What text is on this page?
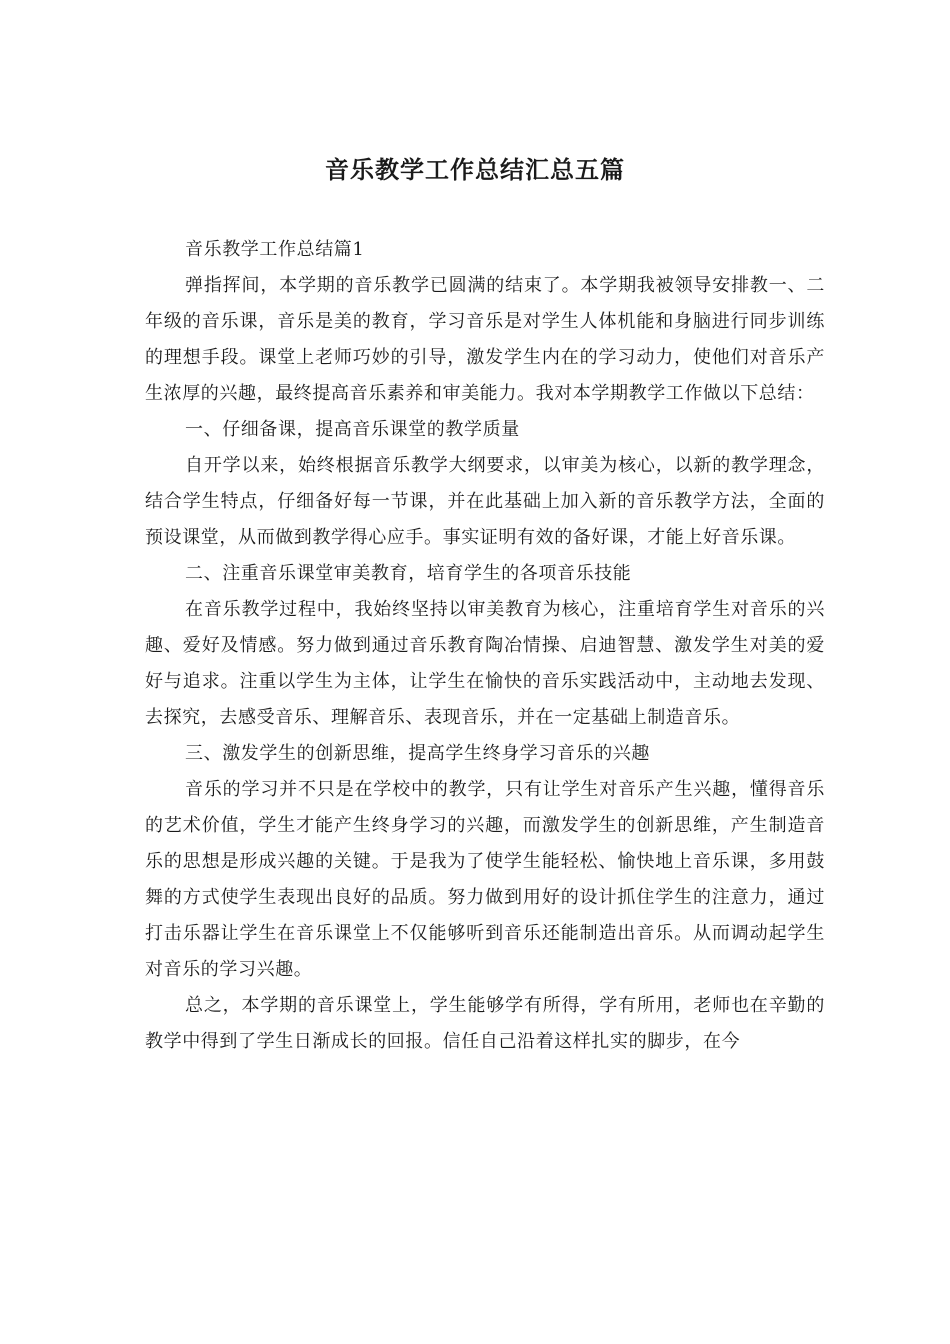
音乐教学工作总结汇总五篇

音乐教学工作总结篇1

弹指挥间，本学期的音乐教学已圆满的结束了。本学期我被领导安排教一、二年级的音乐课，音乐是美的教育，学习音乐是对学生人体机能和身脑进行同步训练的理想手段。课堂上老师巧妙的引导，激发学生内在的学习动力，使他们对音乐产生浓厚的兴趣，最终提高音乐素养和审美能力。我对本学期教学工作做以下总结：

一、仔细备课，提高音乐课堂的教学质量

自开学以来，始终根据音乐教学大纲要求，以审美为核心，以新的教学理念，结合学生特点，仔细备好每一节课，并在此基础上加入新的音乐教学方法，全面的预设课堂，从而做到教学得心应手。事实证明有效的备好课，才能上好音乐课。

二、注重音乐课堂审美教育，培育学生的各项音乐技能

在音乐教学过程中，我始终坚持以审美教育为核心，注重培育学生对音乐的兴趣、爱好及情感。努力做到通过音乐教育陶冶情操、启迪智慧、激发学生对美的爱好与追求。注重以学生为主体，让学生在愉快的音乐实践活动中，主动地去发现、去探究，去感受音乐、理解音乐、表现音乐，并在一定基础上制造音乐。

三、激发学生的创新思维，提高学生终身学习音乐的兴趣

音乐的学习并不只是在学校中的教学，只有让学生对音乐产生兴趣，懂得音乐的艺术价值，学生才能产生终身学习的兴趣，而激发学生的创新思维，产生制造音乐的思想是形成兴趣的关键。于是我为了使学生能轻松、愉快地上音乐课，多用鼓舞的方式使学生表现出良好的品质。努力做到用好的设计抓住学生的注意力，通过打击乐器让学生在音乐课堂上不仅能够听到音乐还能制造出音乐。从而调动起学生对音乐的学习兴趣。

总之，本学期的音乐课堂上，学生能够学有所得，学有所用，老师也在辛勤的教学中得到了学生日渐成长的回报。信任自己沿着这样扎实的脚步，在今
